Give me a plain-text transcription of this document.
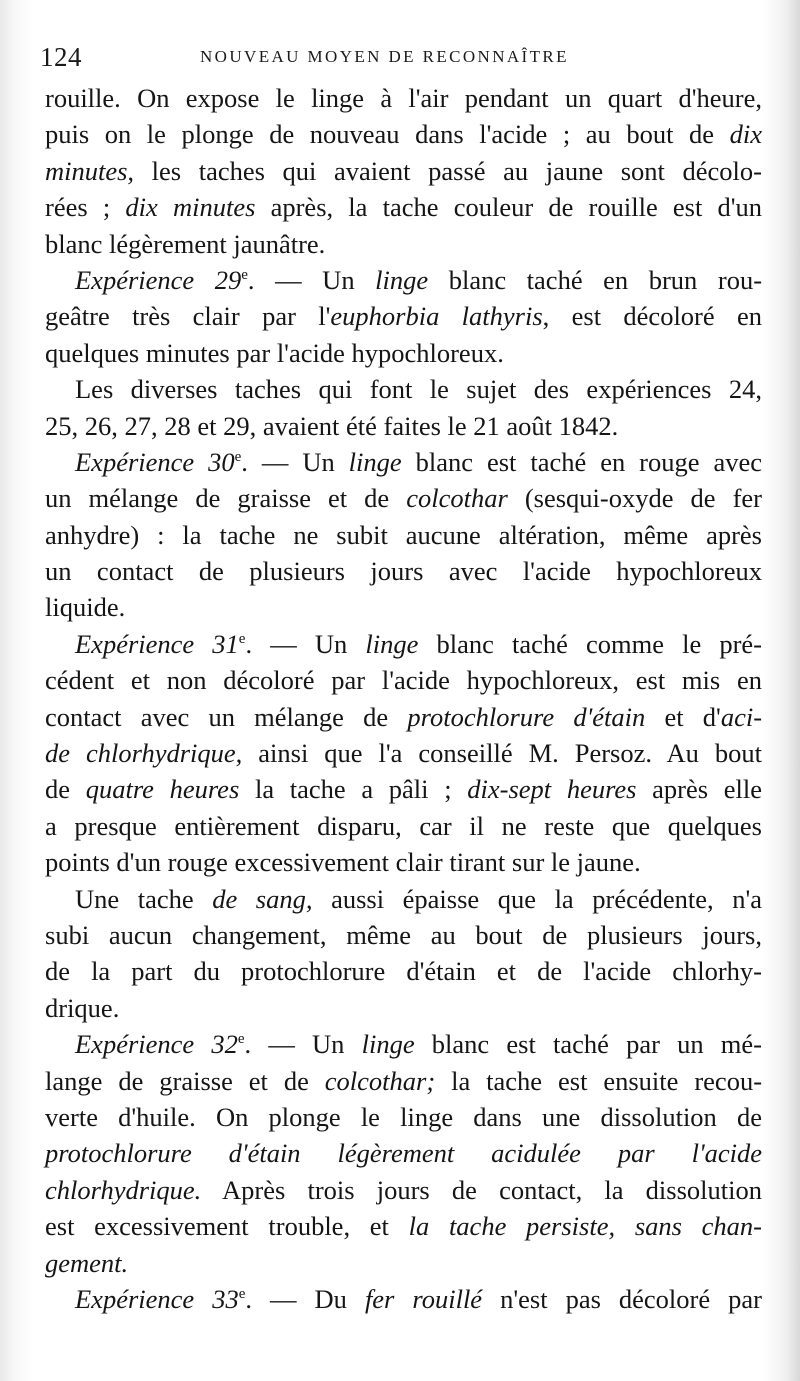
124	NOUVEAU MOYEN DE RECONNAÎTRE
rouille. On expose le linge à l'air pendant un quart d'heure,
puis on le plonge de nouveau dans l'acide ; au bout de dix
minutes, les taches qui avaient passé au jaune sont décolo-
rées ; dix minutes après, la tache couleur de rouille est d'un
blanc légèrement jaunâtre.
Expérience 29e. — Un linge blanc taché en brun rou-
geâtre très clair par l'euphorbia lathyris, est décoloré en
quelques minutes par l'acide hypochloreux.
Les diverses taches qui font le sujet des expériences 24,
25, 26, 27, 28 et 29, avaient été faites le 21 août 1842.
Expérience 30e. — Un linge blanc est taché en rouge avec
un mélange de graisse et de colcothar (sesqui-oxyde de fer
anhydre) : la tache ne subit aucune altération, même après
un contact de plusieurs jours avec l'acide hypochloreux
liquide.
Expérience 31e. — Un linge blanc taché comme le pré-
cédent et non décoloré par l'acide hypochloreux, est mis en
contact avec un mélange de protochlorure d'étain et d'aci-
de chlorhydrique, ainsi que l'a conseillé M. Persoz. Au bout
de quatre heures la tache a pâli ; dix-sept heures après elle
a presque entièrement disparu, car il ne reste que quelques
points d'un rouge excessivement clair tirant sur le jaune.
Une tache de sang, aussi épaisse que la précédente, n'a
subi aucun changement, même au bout de plusieurs jours,
de la part du protochlorure d'étain et de l'acide chlorhy-
drique.
Expérience 32e. — Un linge blanc est taché par un mé-
lange de graisse et de colcothar; la tache est ensuite recou-
verte d'huile. On plonge le linge dans une dissolution de
protochlorure d'étain légèrement acidulée par l'acide
chlorhydrique. Après trois jours de contact, la dissolution
est excessivement trouble, et la tache persiste, sans chan-
gement.
Expérience 33e. — Du fer rouillé n'est pas décoloré par
